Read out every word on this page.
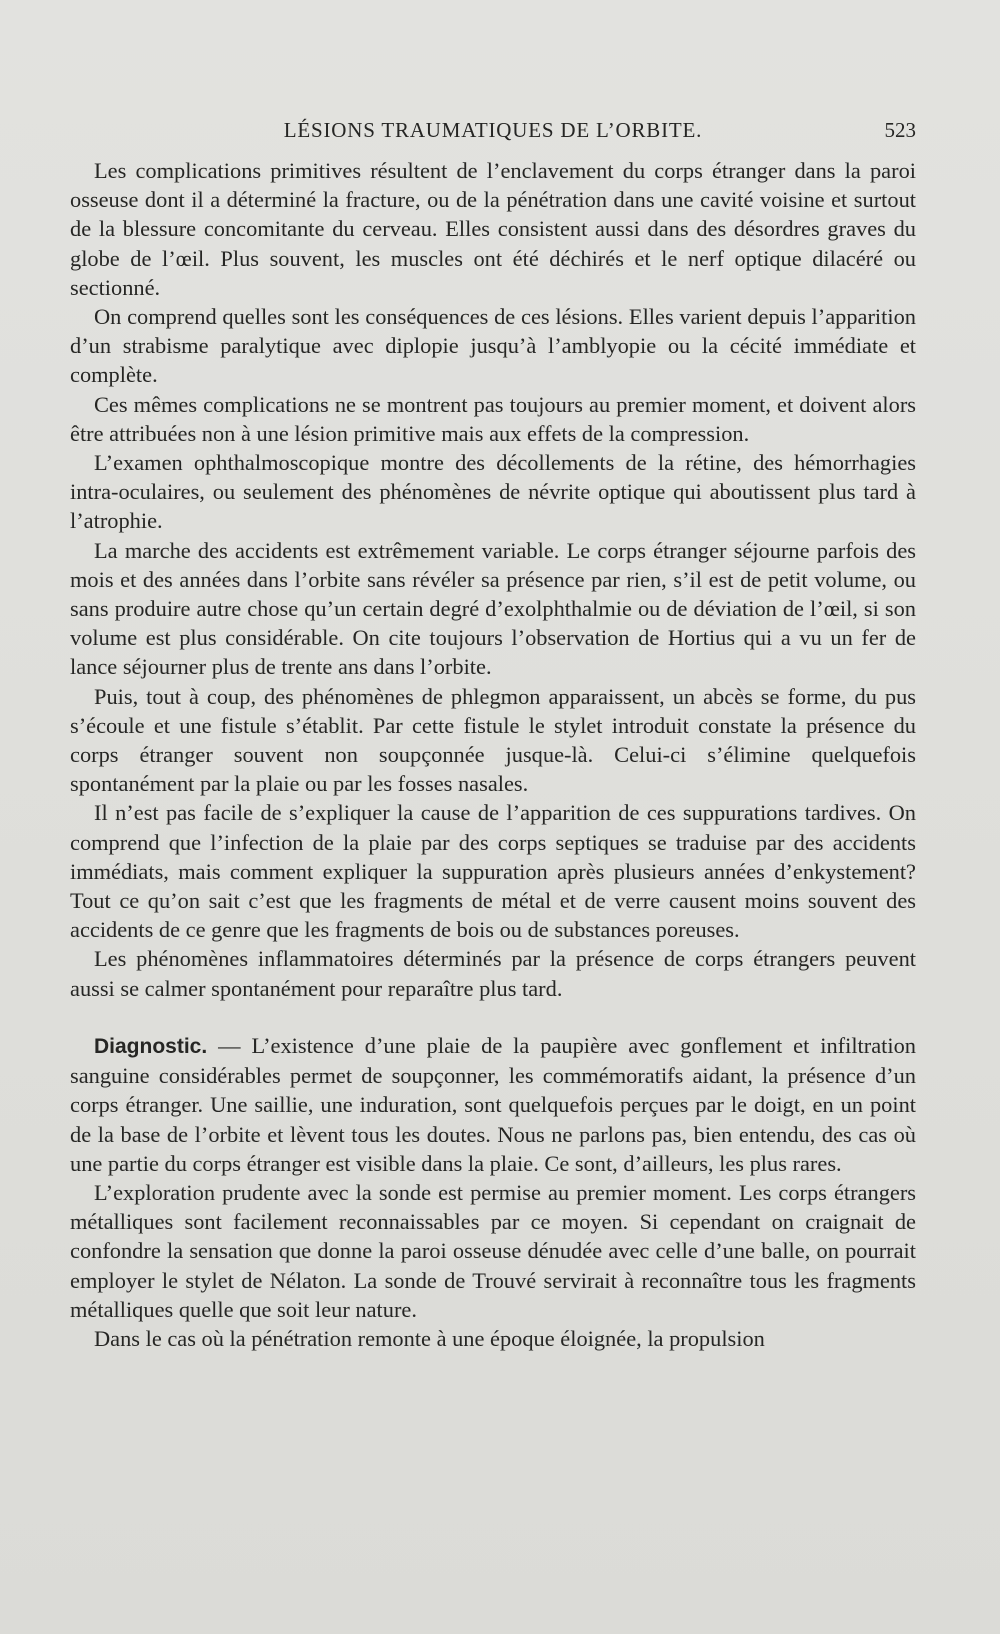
LÉSIONS TRAUMATIQUES DE L’ORBITE.	523

Les complications primitives résultent de l’enclavement du corps étranger dans la paroi osseuse dont il a déterminé la fracture, ou de la pénétration dans une cavité voisine et surtout de la blessure concomitante du cerveau. Elles consistent aussi dans des désordres graves du globe de l’œil. Plus souvent, les muscles ont été déchirés et le nerf optique dilacéré ou sectionné.

On comprend quelles sont les conséquences de ces lésions. Elles varient depuis l’apparition d’un strabisme paralytique avec diplopie jusqu’à l’amblyopie ou la cécité immédiate et complète.

Ces mêmes complications ne se montrent pas toujours au premier moment, et doivent alors être attribuées non à une lésion primitive mais aux effets de la compression.

L’examen ophthalmoscopique montre des décollements de la rétine, des hémorrhagies intra-oculaires, ou seulement des phénomènes de névrite optique qui aboutissent plus tard à l’atrophie.

La marche des accidents est extrêmement variable. Le corps étranger séjourne parfois des mois et des années dans l’orbite sans révéler sa présence par rien, s’il est de petit volume, ou sans produire autre chose qu’un certain degré d’exolphthalmie ou de déviation de l’œil, si son volume est plus considérable. On cite toujours l’observation de Hortius qui a vu un fer de lance séjourner plus de trente ans dans l’orbite.

Puis, tout à coup, des phénomènes de phlegmon apparaissent, un abcès se forme, du pus s’écoule et une fistule s’établit. Par cette fistule le stylet introduit constate la présence du corps étranger souvent non soupçonnée jusque-là. Celui-ci s’élimine quelquefois spontanément par la plaie ou par les fosses nasales.

Il n’est pas facile de s’expliquer la cause de l’apparition de ces suppurations tardives. On comprend que l’infection de la plaie par des corps septiques se traduise par des accidents immédiats, mais comment expliquer la suppuration après plusieurs années d’enkystement? Tout ce qu’on sait c’est que les fragments de métal et de verre causent moins souvent des accidents de ce genre que les fragments de bois ou de substances poreuses.

Les phénomènes inflammatoires déterminés par la présence de corps étrangers peuvent aussi se calmer spontanément pour reparaître plus tard.

Diagnostic. — L’existence d’une plaie de la paupière avec gonflement et infiltration sanguine considérables permet de soupçonner, les commémoratifs aidant, la présence d’un corps étranger. Une saillie, une induration, sont quelquefois perçues par le doigt, en un point de la base de l’orbite et lèvent tous les doutes. Nous ne parlons pas, bien entendu, des cas où une partie du corps étranger est visible dans la plaie. Ce sont, d’ailleurs, les plus rares.

L’exploration prudente avec la sonde est permise au premier moment. Les corps étrangers métalliques sont facilement reconnaissables par ce moyen. Si cependant on craignait de confondre la sensation que donne la paroi osseuse dénudée avec celle d’une balle, on pourrait employer le stylet de Nélaton. La sonde de Trouvé servirait à reconnaître tous les fragments métalliques quelle que soit leur nature.

Dans le cas où la pénétration remonte à une époque éloignée, la propulsion
